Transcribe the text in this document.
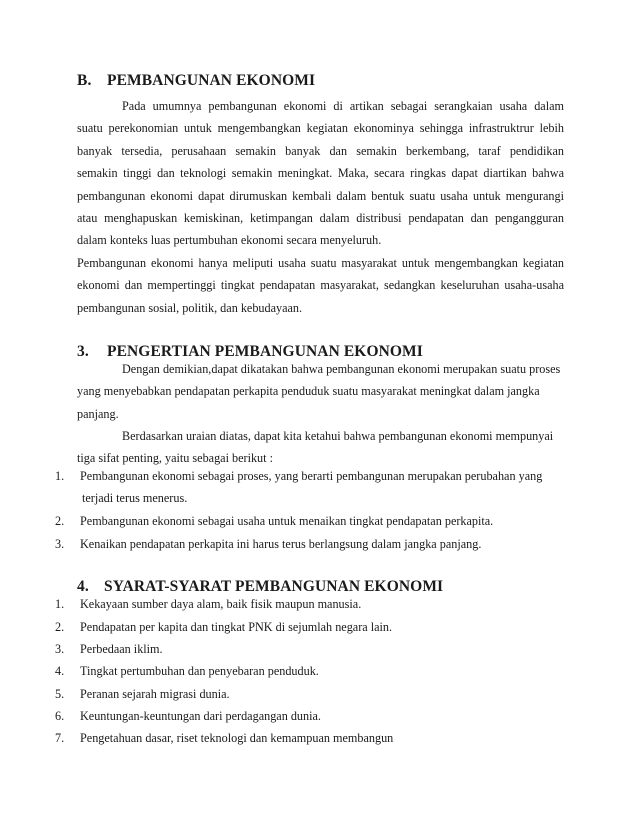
B. PEMBANGUNAN EKONOMI
Pada umumnya pembangunan ekonomi di artikan sebagai serangkaian usaha dalam
suatu perekonomian untuk mengembangkan kegiatan ekonominya sehingga infrastruktrur lebih
banyak tersedia, perusahaan semakin banyak dan semakin berkembang, taraf pendidikan
semakin tinggi dan teknologi semakin meningkat. Maka, secara ringkas dapat diartikan bahwa
pembangunan ekonomi dapat dirumuskan kembali dalam bentuk suatu usaha untuk mengurangi
atau menghapuskan kemiskinan, ketimpangan dalam distribusi pendapatan dan pengangguran
dalam konteks luas pertumbuhan ekonomi secara menyeluruh.
Pembangunan ekonomi hanya meliputi usaha suatu masyarakat untuk mengembangkan kegiatan
ekonomi dan mempertinggi tingkat pendapatan masyarakat, sedangkan keseluruhan usaha-usaha
pembangunan sosial, politik, dan kebudayaan.
3. PENGERTIAN PEMBANGUNAN EKONOMI
Dengan demikian,dapat dikatakan bahwa pembangunan ekonomi merupakan suatu proses
yang menyebabkan pendapatan perkapita penduduk suatu masyarakat meningkat dalam jangka
panjang.
Berdasarkan uraian diatas, dapat kita ketahui bahwa pembangunan ekonomi mempunyai
tiga sifat penting, yaitu sebagai berikut :
1. Pembangunan ekonomi sebagai proses, yang berarti pembangunan merupakan perubahan yang
terjadi terus menerus.
2. Pembangunan ekonomi sebagai usaha untuk menaikan tingkat pendapatan perkapita.
3. Kenaikan pendapatan perkapita ini harus terus berlangsung dalam jangka panjang.
4. SYARAT-SYARAT PEMBANGUNAN EKONOMI
1. Kekayaan sumber daya alam, baik fisik maupun manusia.
2. Pendapatan per kapita dan tingkat PNK di sejumlah negara lain.
3. Perbedaan iklim.
4. Tingkat pertumbuhan dan penyebaran penduduk.
5. Peranan sejarah migrasi dunia.
6. Keuntungan-keuntungan dari perdagangan dunia.
7. Pengetahuan dasar, riset teknologi dan kemampuan membangun
